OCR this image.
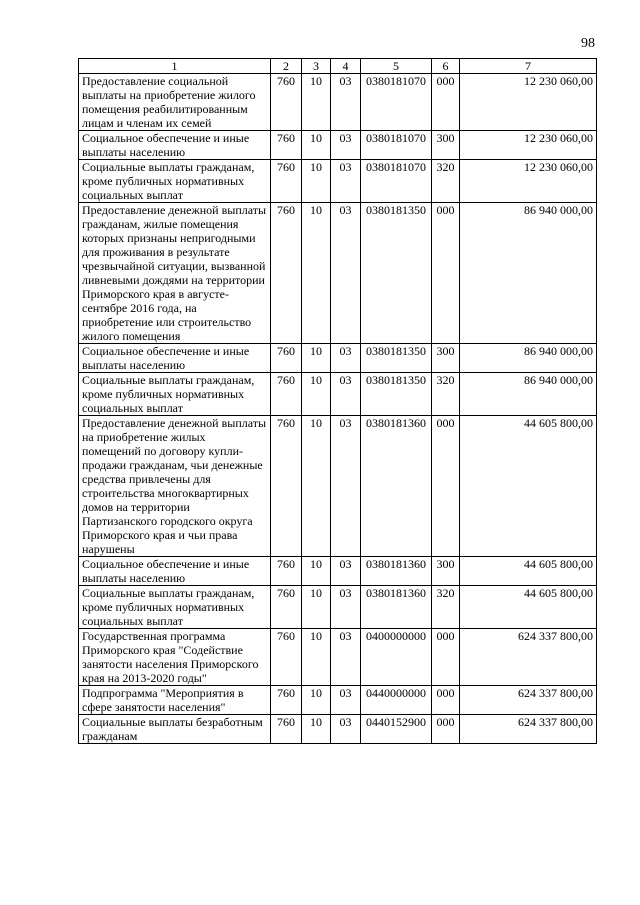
98
1	2	3	4	5	6	7
Предоставление социальной выплаты на приобретение жилого помещения реабилитированным лицам и членам их семей	760	10	03	0380181070	000	12 230 060,00
Социальное обеспечение и иные выплаты населению	760	10	03	0380181070	300	12 230 060,00
Социальные выплаты гражданам, кроме публичных нормативных социальных выплат	760	10	03	0380181070	320	12 230 060,00
Предоставление денежной выплаты гражданам, жилые помещения которых признаны непригодными для проживания в результате чрезвычайной ситуации, вызванной ливневыми дождями на территории Приморского края в августе-сентябре 2016 года, на приобретение или строительство жилого помещения	760	10	03	0380181350	000	86 940 000,00
Социальное обеспечение и иные выплаты населению	760	10	03	0380181350	300	86 940 000,00
Социальные выплаты гражданам, кроме публичных нормативных социальных выплат	760	10	03	0380181350	320	86 940 000,00
Предоставление денежной выплаты на приобретение жилых помещений по договору купли-продажи гражданам, чьи денежные средства привлечены для строительства многоквартирных домов на территории Партизанского городского округа Приморского края и чьи права нарушены	760	10	03	0380181360	000	44 605 800,00
Социальное обеспечение и иные выплаты населению	760	10	03	0380181360	300	44 605 800,00
Социальные выплаты гражданам, кроме публичных нормативных социальных выплат	760	10	03	0380181360	320	44 605 800,00
Государственная программа Приморского края "Содействие занятости населения Приморского края на 2013-2020 годы"	760	10	03	0400000000	000	624 337 800,00
Подпрограмма "Мероприятия в сфере занятости населения"	760	10	03	0440000000	000	624 337 800,00
Социальные выплаты безработным гражданам	760	10	03	0440152900	000	624 337 800,00
